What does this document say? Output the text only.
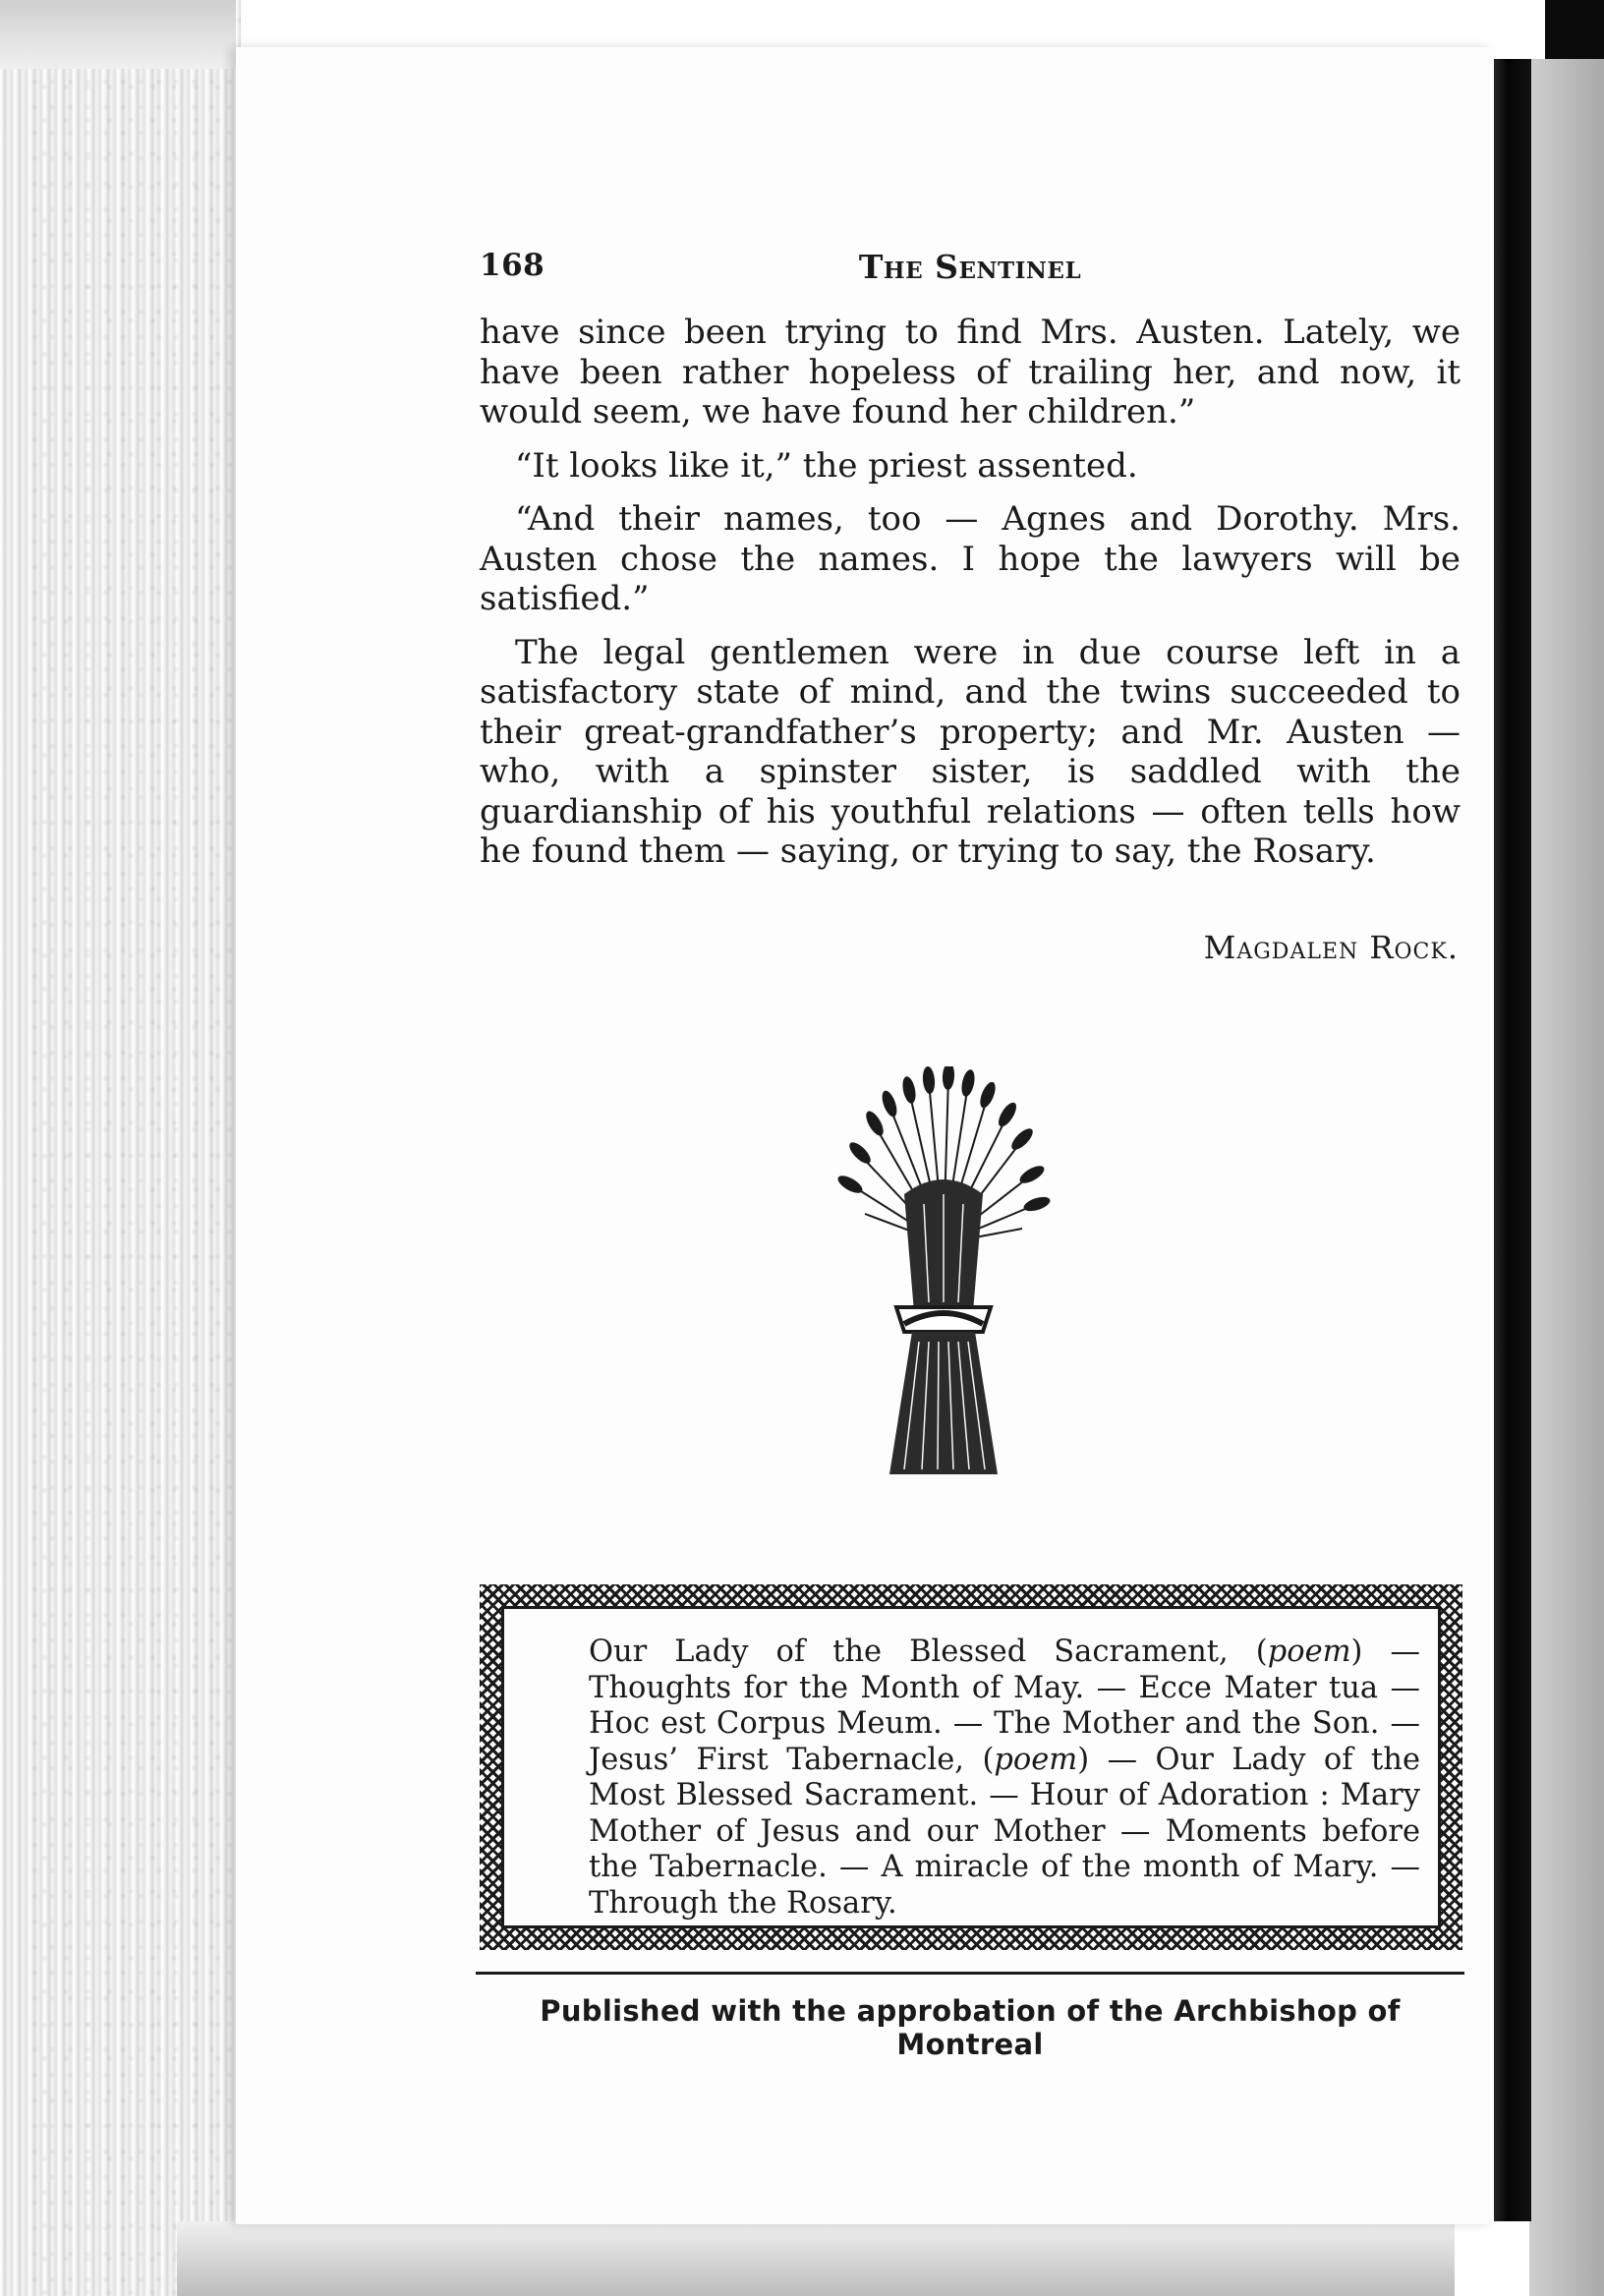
168	The Sentinel

have since been trying to find Mrs. Austen. Lately, we have been rather hopeless of trailing her, and now, it would seem, we have found her children.”

“It looks like it,” the priest assented.

“And their names, too — Agnes and Dorothy. Mrs. Austen chose the names. I hope the lawyers will be satisfied.”

The legal gentlemen were in due course left in a satisfactory state of mind, and the twins succeeded to their great-grandfather’s property; and Mr. Austen — who, with a spinster sister, is saddled with the guardianship of his youthful relations — often tells how he found them — saying, or trying to say, the Rosary.

Magdalen Rock.
Our Lady of the Blessed Sacrament, (poem) — Thoughts for the Month of May. — Ecce Mater tua — Hoc est Corpus Meum. — The Mother and the Son. — Jesus’ First Tabernacle, (poem) — Our Lady of the Most Blessed Sacrament. — Hour of Adoration : Mary Mother of Jesus and our Mother — Moments before the Tabernacle. — A miracle of the month of Mary. — Through the Rosary.
Published with the approbation of the Archbishop of Montreal
